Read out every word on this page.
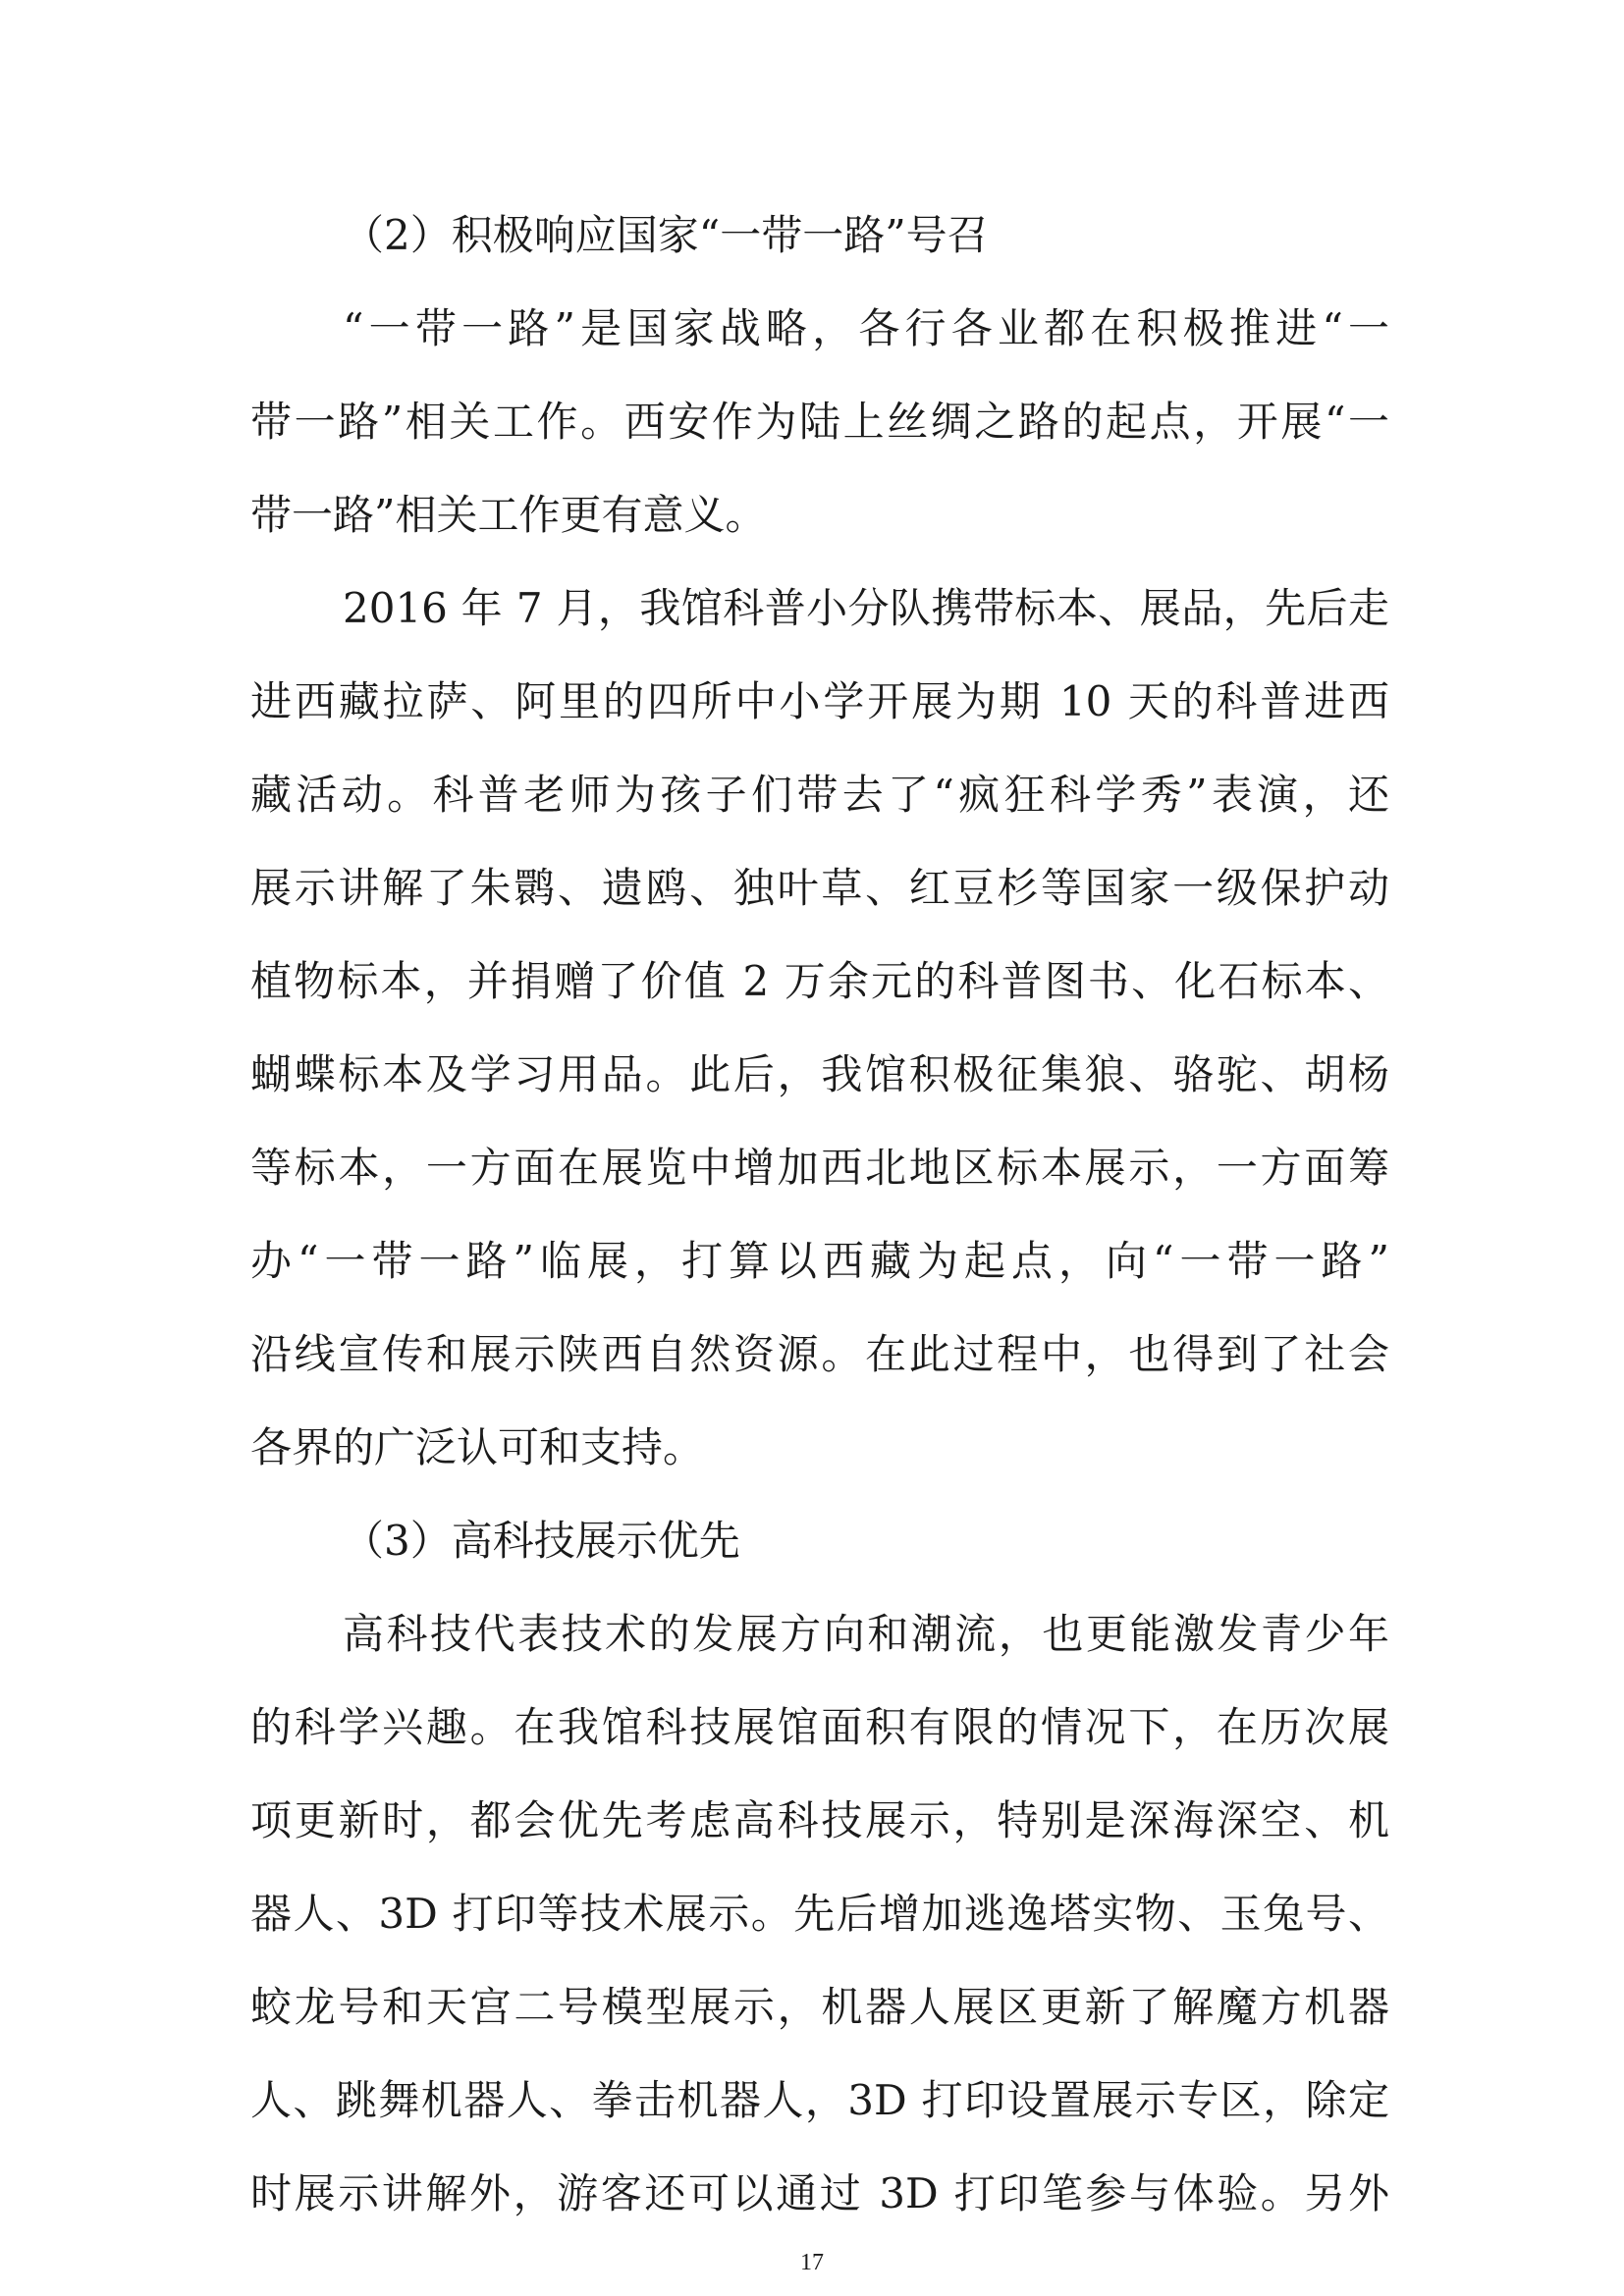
（2）积极响应国家“一带一路”号召
“一带一路”是国家战略，各行各业都在积极推进“一
带一路”相关工作。西安作为陆上丝绸之路的起点，开展“一
带一路”相关工作更有意义。
2016 年 7 月，我馆科普小分队携带标本、展品，先后走
进西藏拉萨、阿里的四所中小学开展为期 10 天的科普进西
藏活动。科普老师为孩子们带去了“疯狂科学秀”表演，还
展示讲解了朱鹮、遗鸥、独叶草、红豆杉等国家一级保护动
植物标本，并捐赠了价值 2 万余元的科普图书、化石标本、
蝴蝶标本及学习用品。此后，我馆积极征集狼、骆驼、胡杨
等标本，一方面在展览中增加西北地区标本展示，一方面筹
办“一带一路”临展，打算以西藏为起点，向“一带一路”
沿线宣传和展示陕西自然资源。在此过程中，也得到了社会
各界的广泛认可和支持。
（3）高科技展示优先
高科技代表技术的发展方向和潮流，也更能激发青少年
的科学兴趣。在我馆科技展馆面积有限的情况下，在历次展
项更新时，都会优先考虑高科技展示，特别是深海深空、机
器人、3D 打印等技术展示。先后增加逃逸塔实物、玉兔号、
蛟龙号和天宫二号模型展示，机器人展区更新了解魔方机器
人、跳舞机器人、拳击机器人，3D 打印设置展示专区，除定
时展示讲解外，游客还可以通过 3D 打印笔参与体验。另外
17
